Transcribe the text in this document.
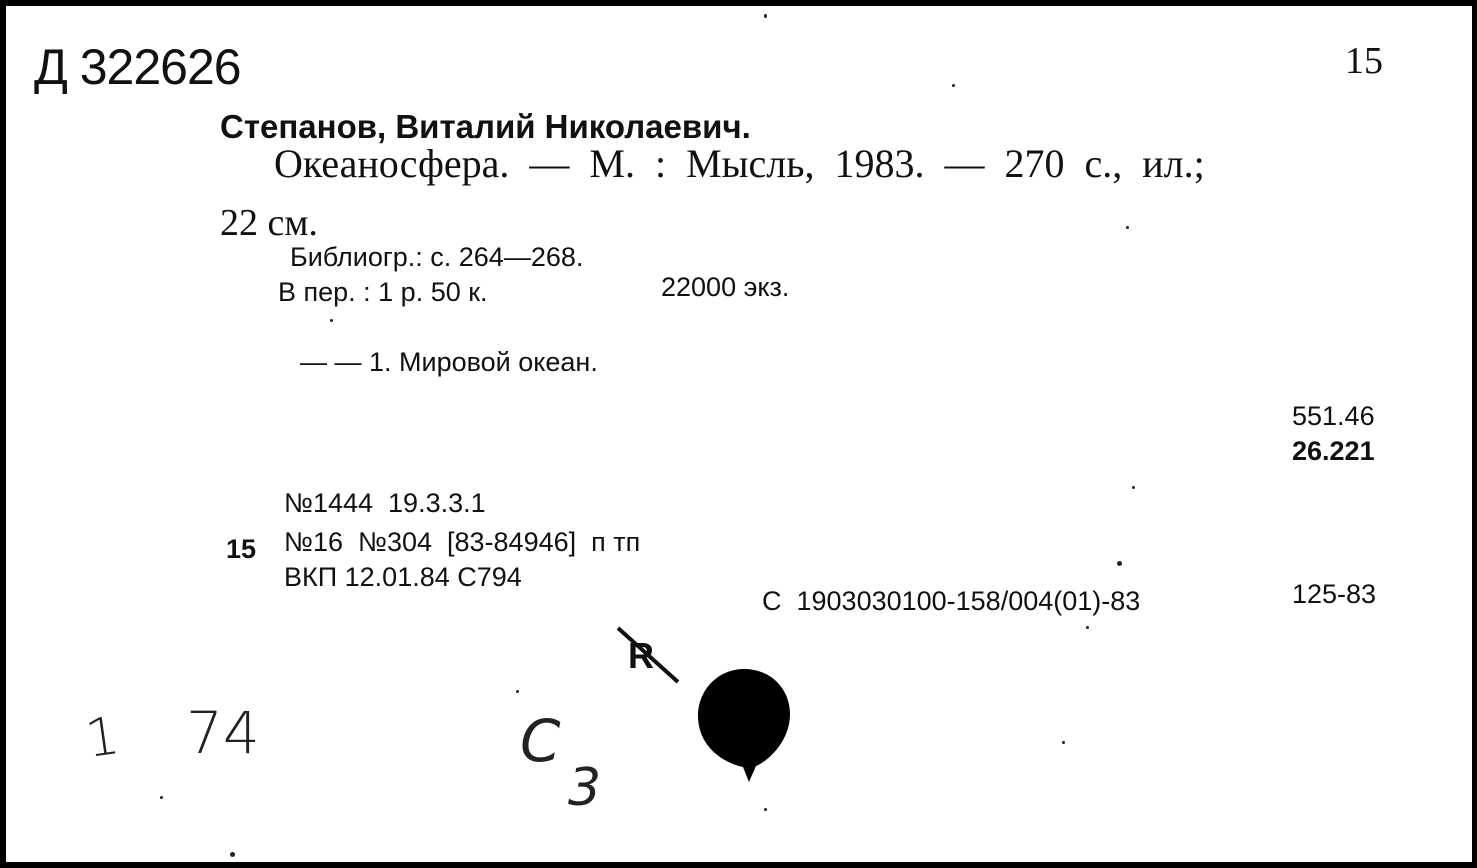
Д 322626	15
Степанов, Виталий Николаевич.
Океаносфера. — М. : Мысль, 1983. — 270 с., ил.;
22 см.
Библиогр.: с. 264—268.
В пер. : 1 р. 50 к.	22000 экз.
— — 1. Мировой океан.
551.46
26.221
№1444  19.3.3.1
15 №16  №304  [83-84946]  п тп
ВКП 12.01.84 С794
С  1903030100-158/004(01)-83	125-83
Я
1 74	С
3
